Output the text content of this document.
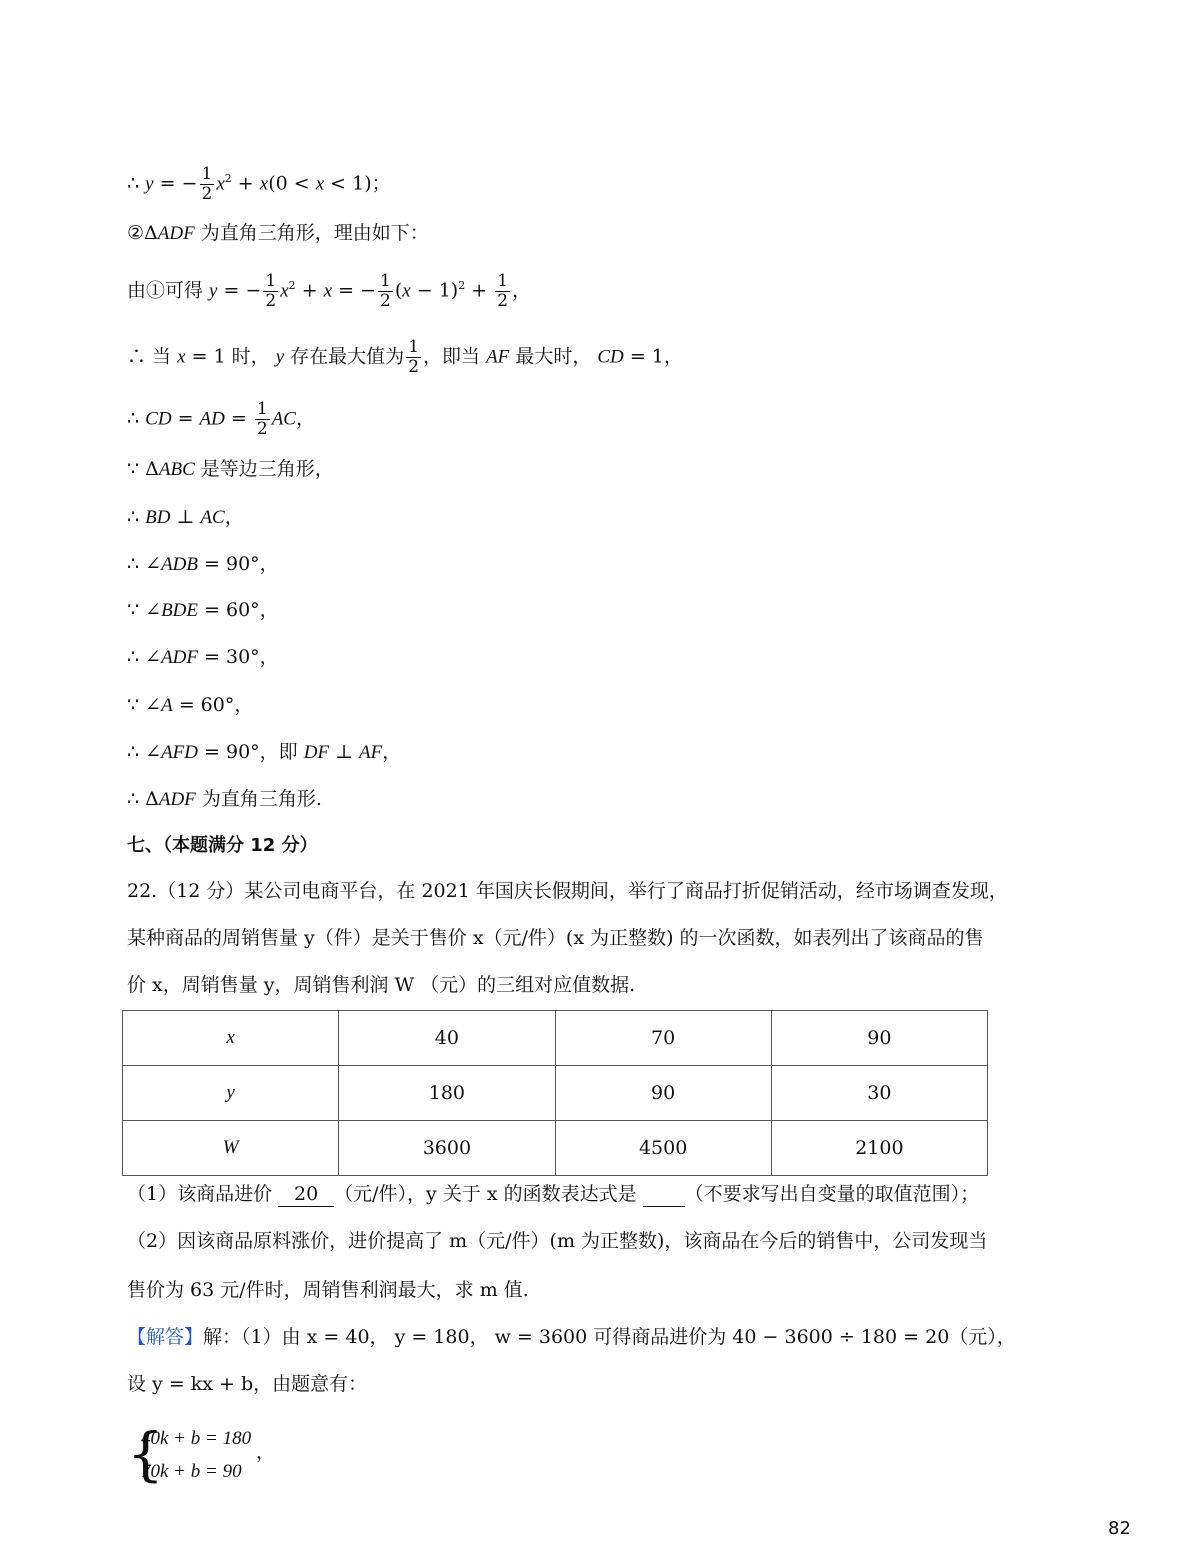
∴ y = − $\frac{1}{2} x^2 + x(0 < x < 1)$；
②ΔADF 为直角三角形，理由如下：
由①可得 y = − $\frac{1}{2} x^2 + x$ = − $\frac{1}{2} (x - 1)^2 + \frac{1}{2}$ ，
∴ 当 x = 1 时， y 存在最大值为 $\frac{1}{2}$ ，即当 AF 最大时， CD = 1，
∴ CD = AD = $\frac{1}{2}$ AC，
∵ ΔABC 是等边三角形，
∴ BD ⊥ AC，
∴ ∠ADB = 90°，
∵ ∠BDE = 60°，
∴ ∠ADF = 30°，
∵ ∠A = 60°，
∴ ∠AFD = 90°，即 DF ⊥ AF，
∴ ΔADF 为直角三角形.
七、（本题满分 12 分）
22.（12 分）某公司电商平台，在 2021 年国庆长假期间，举行了商品打折促销活动，经市场调查发现，
某种商品的周销售量 y（件）是关于售价 x（元/件）(x 为正整数) 的一次函数，如表列出了该商品的售
价 x，周销售量 y，周销售利润 W （元）的三组对应值数据.
x	40	70	90
y	180	90	30
W	3600	4500	2100
（1）该商品进价 20 （元/件），y 关于 x 的函数表达式是  （不要求写出自变量的取值范围）；
（2）因该商品原料涨价，进价提高了 m（元/件）(m 为正整数)，该商品在今后的销售中，公司发现当
售价为 63 元/件时，周销售利润最大，求 m 值.
【解答】解：（1）由 x = 40， y = 180， w = 3600 可得商品进价为 40 − 3600 ÷ 180 = 20（元），
设 y = kx + b，由题意有：
{
40k + b = 180
70k + b = 90
，
82
